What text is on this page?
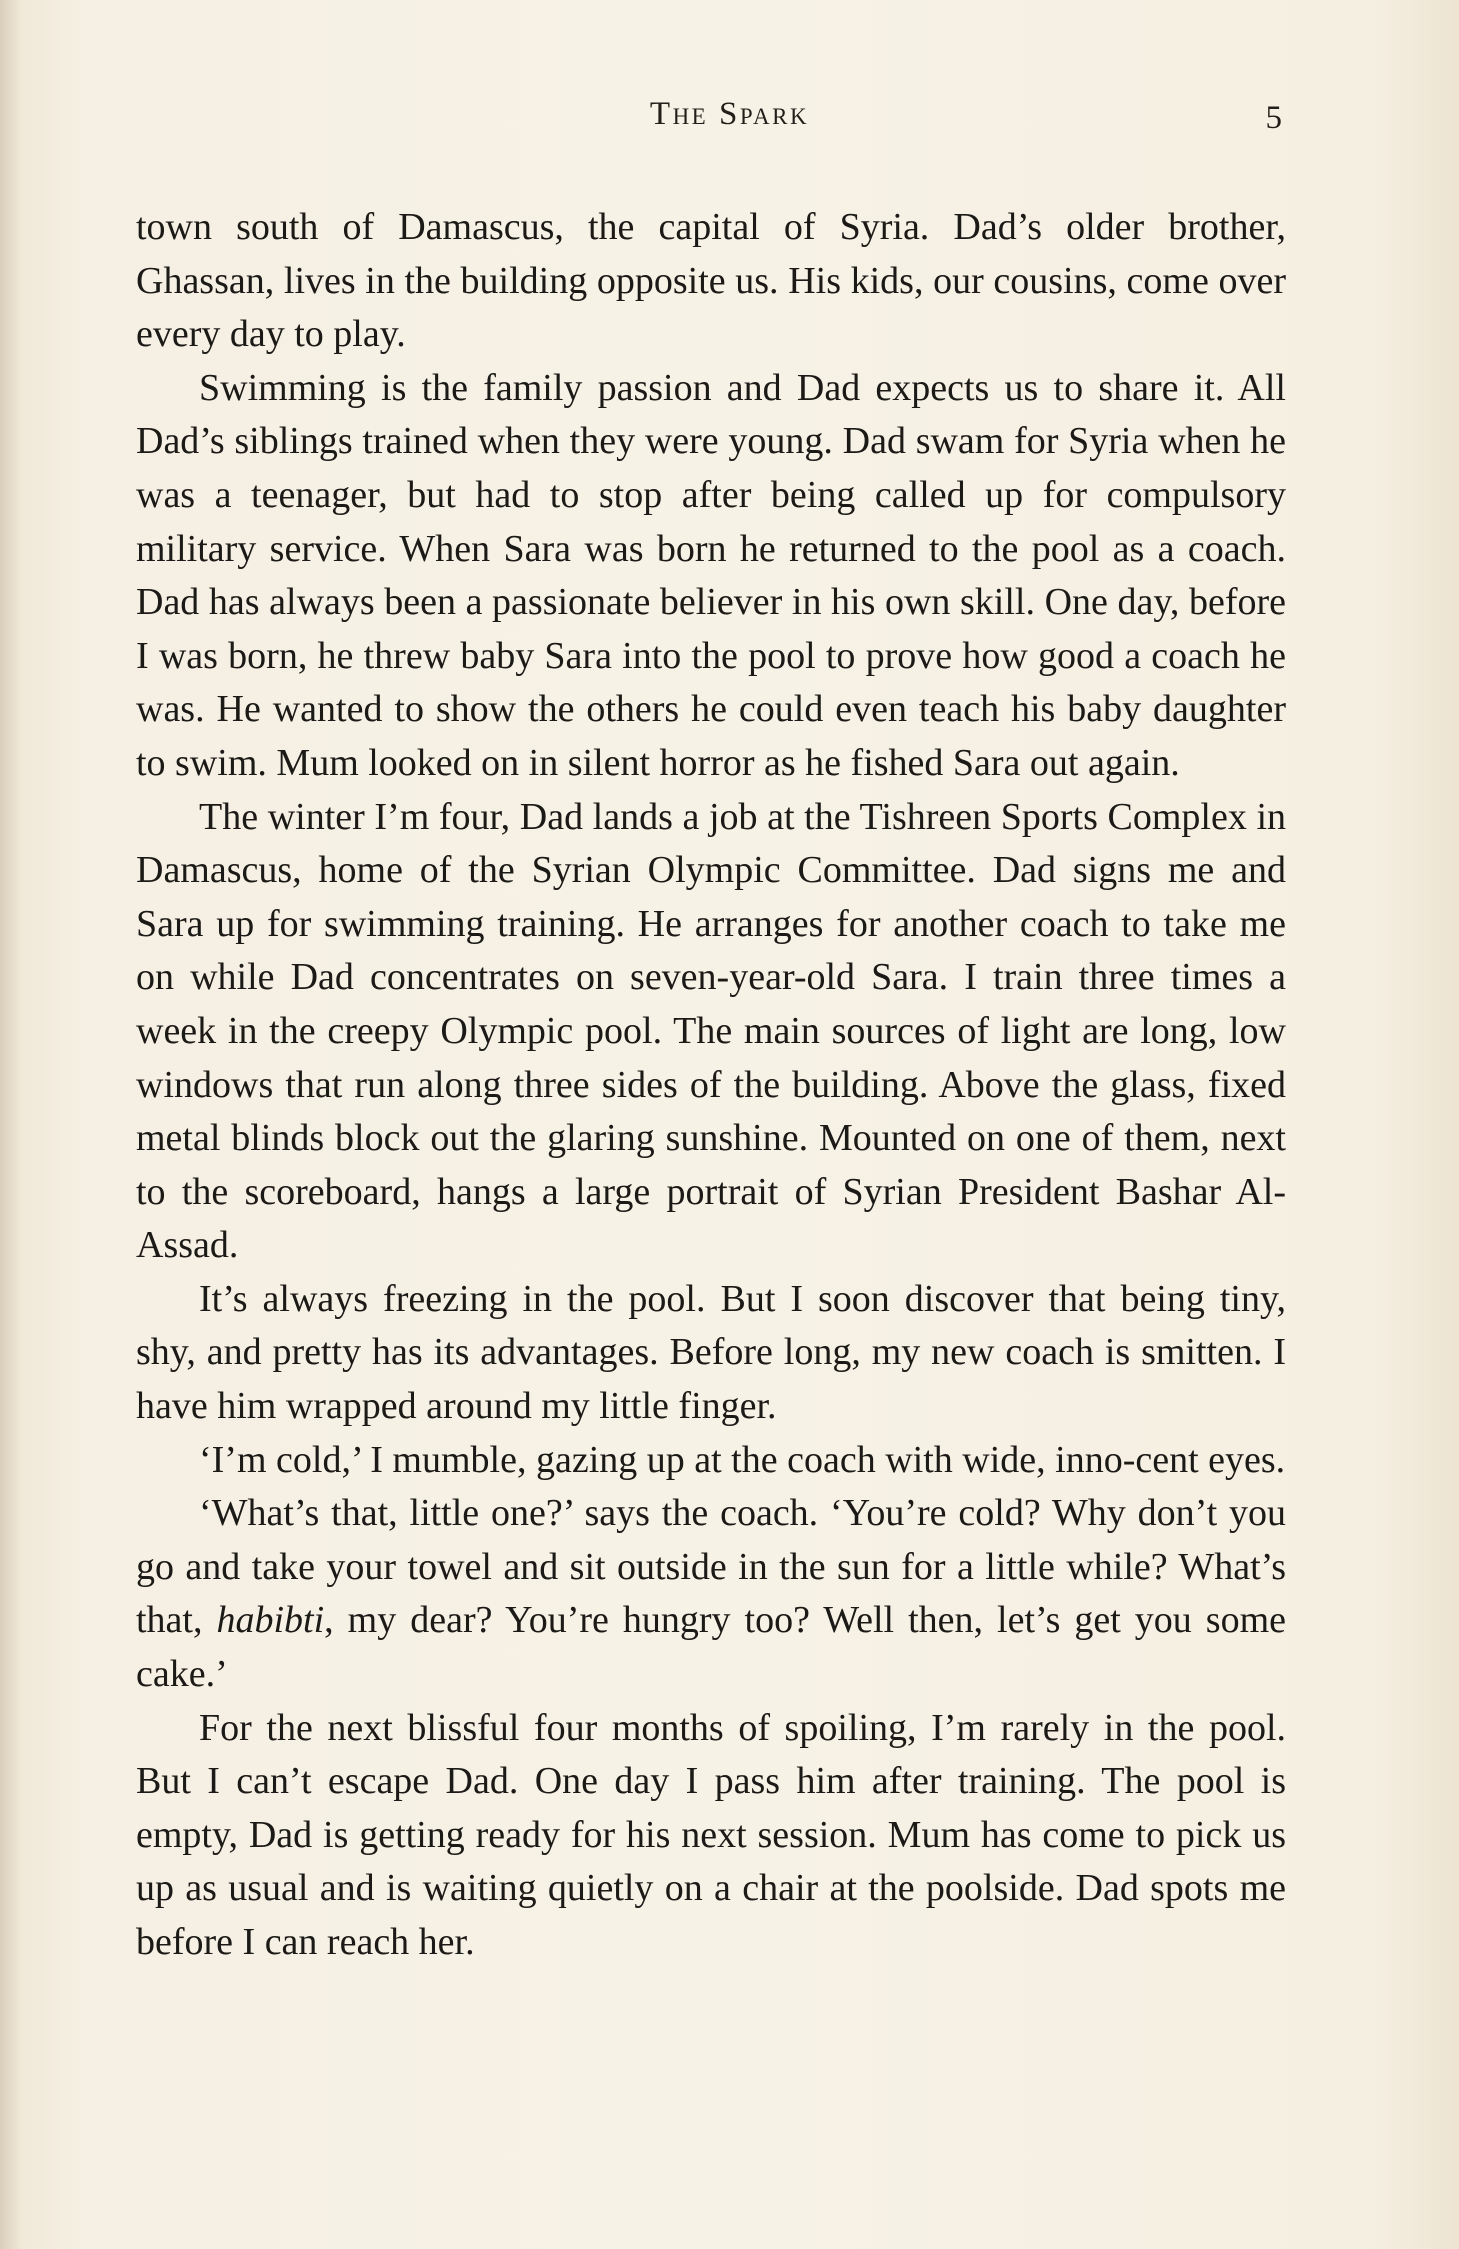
The Spark	5

town south of Damascus, the capital of Syria. Dad’s older brother, Ghassan, lives in the building opposite us. His kids, our cousins, come over every day to play.

Swimming is the family passion and Dad expects us to share it. All Dad’s siblings trained when they were young. Dad swam for Syria when he was a teenager, but had to stop after being called up for compulsory military service. When Sara was born he returned to the pool as a coach. Dad has always been a passionate believer in his own skill. One day, before I was born, he threw baby Sara into the pool to prove how good a coach he was. He wanted to show the others he could even teach his baby daughter to swim. Mum looked on in silent horror as he fished Sara out again.

The winter I’m four, Dad lands a job at the Tishreen Sports Complex in Damascus, home of the Syrian Olympic Committee. Dad signs me and Sara up for swimming training. He arranges for another coach to take me on while Dad concentrates on seven-year-old Sara. I train three times a week in the creepy Olympic pool. The main sources of light are long, low windows that run along three sides of the building. Above the glass, fixed metal blinds block out the glaring sunshine. Mounted on one of them, next to the scoreboard, hangs a large portrait of Syrian President Bashar Al-Assad.

It’s always freezing in the pool. But I soon discover that being tiny, shy, and pretty has its advantages. Before long, my new coach is smitten. I have him wrapped around my little finger.

‘I’m cold,’ I mumble, gazing up at the coach with wide, inno-cent eyes.

‘What’s that, little one?’ says the coach. ‘You’re cold? Why don’t you go and take your towel and sit outside in the sun for a little while? What’s that, habibti, my dear? You’re hungry too? Well then, let’s get you some cake.’

For the next blissful four months of spoiling, I’m rarely in the pool. But I can’t escape Dad. One day I pass him after training. The pool is empty, Dad is getting ready for his next session. Mum has come to pick us up as usual and is waiting quietly on a chair at the poolside. Dad spots me before I can reach her.
